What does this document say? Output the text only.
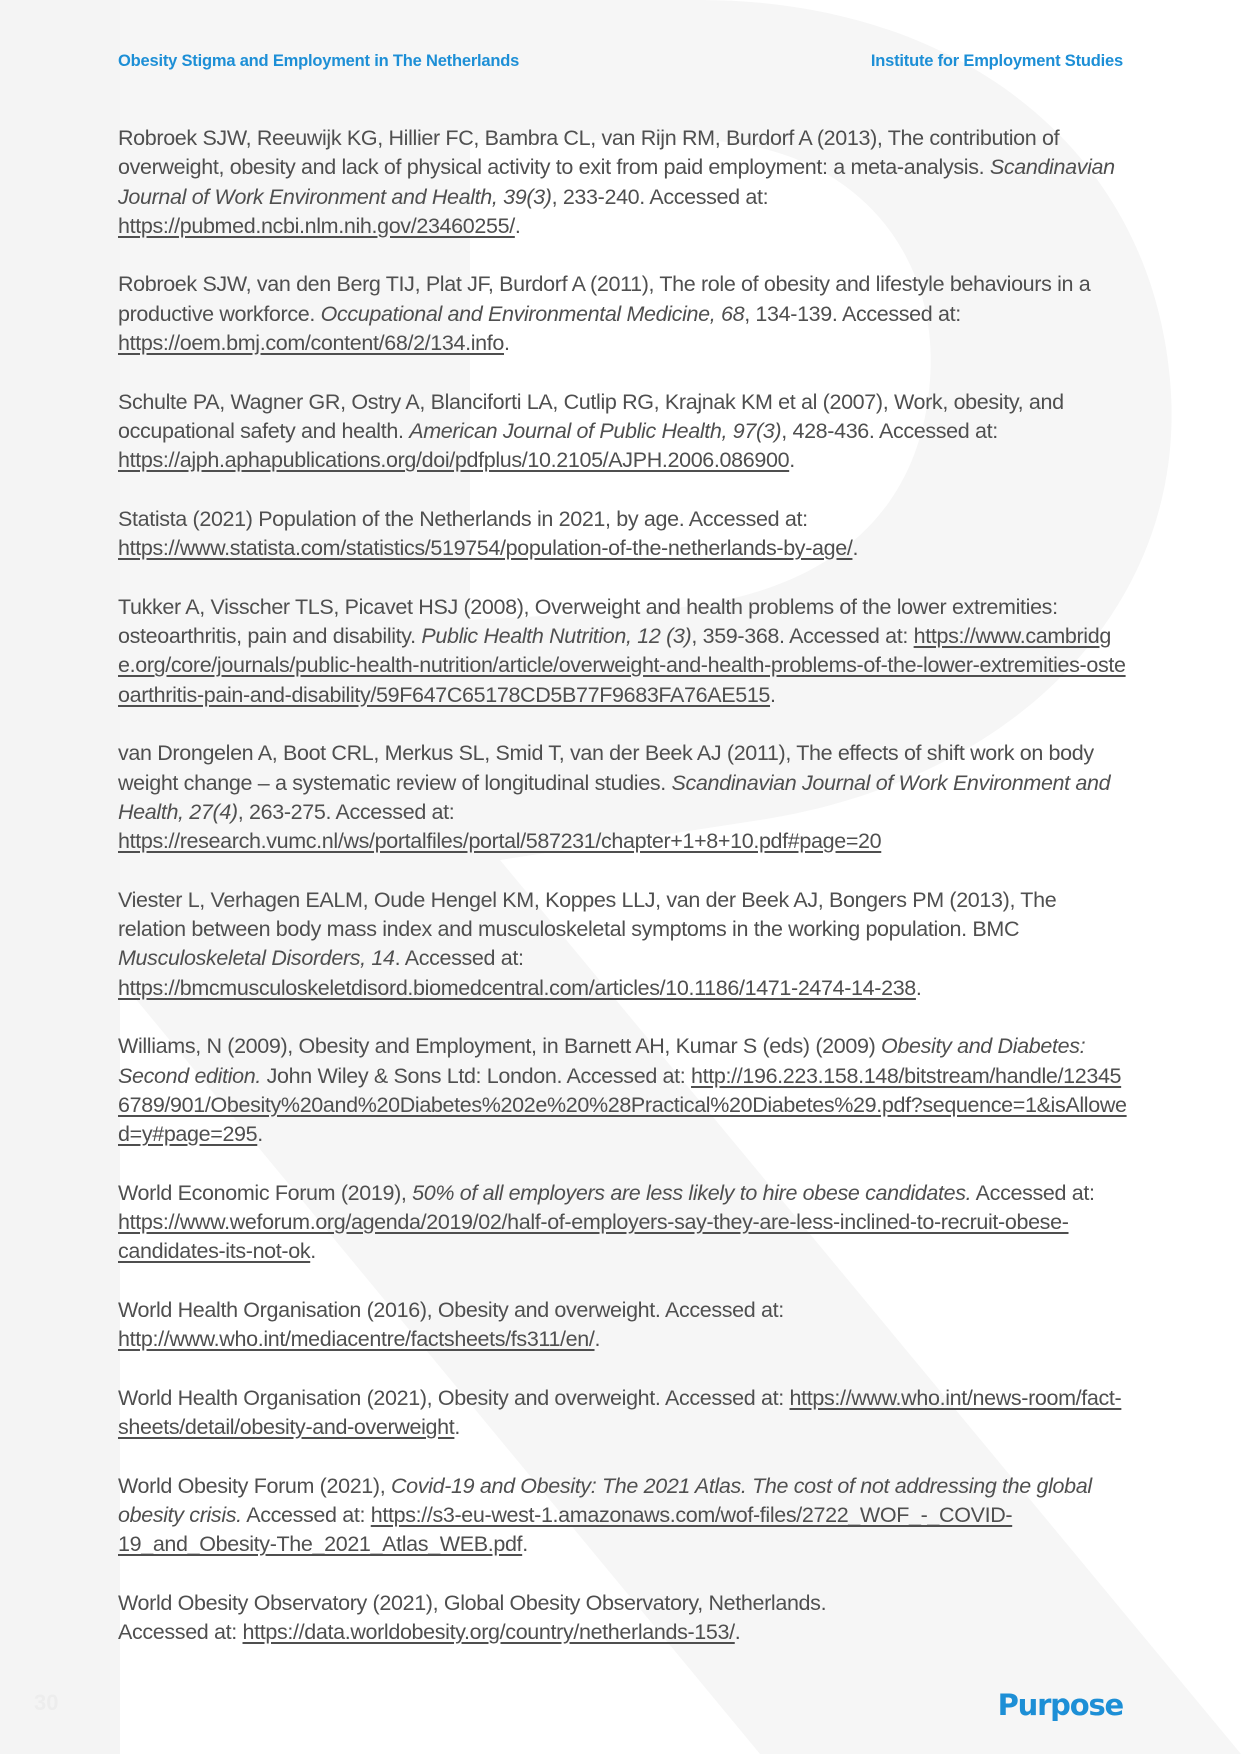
Obesity Stigma and Employment in The Netherlands	Institute for Employment Studies

Robroek SJW, Reeuwijk KG, Hillier FC, Bambra CL, van Rijn RM, Burdorf A (2013), The contribution of overweight, obesity and lack of physical activity to exit from paid employment: a meta-analysis. Scandinavian Journal of Work Environment and Health, 39(3), 233-240. Accessed at: https://pubmed.ncbi.nlm.nih.gov/23460255/.

Robroek SJW, van den Berg TIJ, Plat JF, Burdorf A (2011), The role of obesity and lifestyle behaviours in a productive workforce. Occupational and Environmental Medicine, 68, 134-139. Accessed at: https://oem.bmj.com/content/68/2/134.info.

Schulte PA, Wagner GR, Ostry A, Blanciforti LA, Cutlip RG, Krajnak KM et al (2007), Work, obesity, and occupational safety and health. American Journal of Public Health, 97(3), 428-436. Accessed at: https://ajph.aphapublications.org/doi/pdfplus/10.2105/AJPH.2006.086900.

Statista (2021) Population of the Netherlands in 2021, by age. Accessed at: https://www.statista.com/statistics/519754/population-of-the-netherlands-by-age/.

Tukker A, Visscher TLS, Picavet HSJ (2008), Overweight and health problems of the lower extremities: osteoarthritis, pain and disability. Public Health Nutrition, 12 (3), 359-368. Accessed at: https://www.cambridge.org/core/journals/public-health-nutrition/article/overweight-and-health-problems-of-the-lower-extremities-osteoarthritis-pain-and-disability/59F647C65178CD5B77F9683FA76AE515.

van Drongelen A, Boot CRL, Merkus SL, Smid T, van der Beek AJ (2011), The effects of shift work on body weight change – a systematic review of longitudinal studies. Scandinavian Journal of Work Environment and Health, 27(4), 263-275. Accessed at: https://research.vumc.nl/ws/portalfiles/portal/587231/chapter+1+8+10.pdf#page=20

Viester L, Verhagen EALM, Oude Hengel KM, Koppes LLJ, van der Beek AJ, Bongers PM (2013), The relation between body mass index and musculoskeletal symptoms in the working population. BMC Musculoskeletal Disorders, 14. Accessed at: https://bmcmusculoskeletdisord.biomedcentral.com/articles/10.1186/1471-2474-14-238.

Williams, N (2009), Obesity and Employment, in Barnett AH, Kumar S (eds) (2009) Obesity and Diabetes: Second edition. John Wiley & Sons Ltd: London. Accessed at: http://196.223.158.148/bitstream/handle/123456789/901/Obesity%20and%20Diabetes%202e%20%28Practical%20Diabetes%29.pdf?sequence=1&isAllowed=y#page=295.

World Economic Forum (2019), 50% of all employers are less likely to hire obese candidates. Accessed at: https://www.weforum.org/agenda/2019/02/half-of-employers-say-they-are-less-inclined-to-recruit-obese-candidates-its-not-ok.

World Health Organisation (2016), Obesity and overweight. Accessed at: http://www.who.int/mediacentre/factsheets/fs311/en/.

World Health Organisation (2021), Obesity and overweight. Accessed at: https://www.who.int/news-room/fact-sheets/detail/obesity-and-overweight.

World Obesity Forum (2021), Covid-19 and Obesity: The 2021 Atlas. The cost of not addressing the global obesity crisis. Accessed at: https://s3-eu-west-1.amazonaws.com/wof-files/2722_WOF_-_COVID-19_and_Obesity-The_2021_Atlas_WEB.pdf.

World Obesity Observatory (2021), Global Obesity Observatory, Netherlands.
Accessed at: https://data.worldobesity.org/country/netherlands-153/.

30	Purpose
